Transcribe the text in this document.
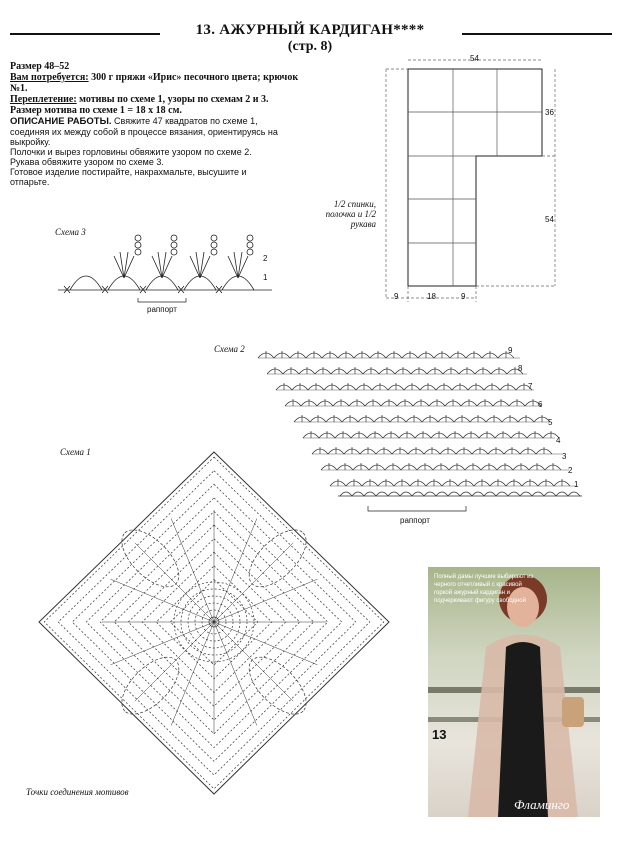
13. АЖУРНЫЙ КАРДИГАН****
(стр. 8)
Размер 48–52
Вам потребуется: 300 г пряжи «Ирис» песочного цвета; крючок №1.
Переплетение: мотивы по схеме 1, узоры по схемам 2 и 3.
Размер мотива по схеме 1 = 18 х 18 см.
ОПИСАНИЕ РАБОТЫ. Свяжите 47 квадратов по схеме 1, соединяя их между собой в процессе вязания, ориентируясь на выкройку.
Полочки и вырез горловины обвяжите узором по схеме 2. Рукава обвяжите узором по схеме 3.
Готовое изделие постирайте, накрахмальте, высушите и отпарьте.
54
36
54
9	18	9
1/2 спинки, полочка и 1/2 рукава
Схема 3
2
1
раппорт
Схема 2	9
8
7
6
5
4
3
2
1
раппорт
Схема 1
Точки соединения мотивов
Полный дамы лучшие выбирают из черного отчетливый с красивой горкой ажурный кардиган и подчеркивают фигуру свободной
13
Фламинго
